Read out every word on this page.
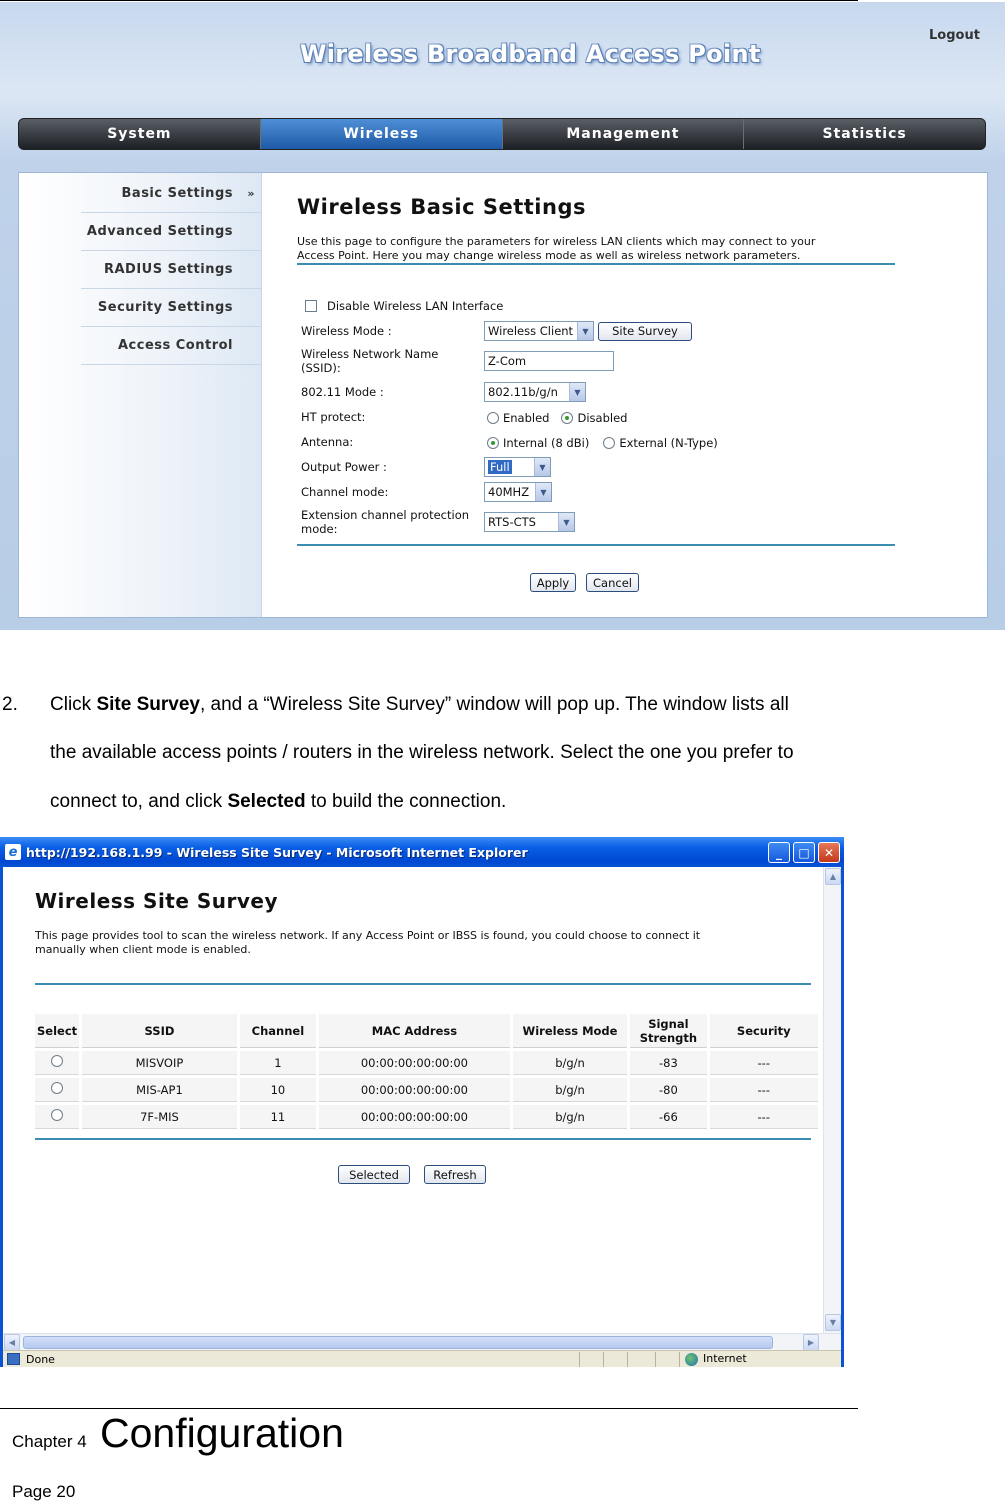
Wireless Broadband Access Point
Logout
System	Wireless	Management	Statistics
Basic Settings »
Advanced Settings
RADIUS Settings
Security Settings
Access Control
Wireless Basic Settings
Use this page to configure the parameters for wireless LAN clients which may connect to your
Access Point. Here you may change wireless mode as well as wireless network parameters.
Disable Wireless LAN Interface
Wireless Mode :	Wireless Client	▼	Site Survey
Wireless Network Name
(SSID):	Z-Com
802.11 Mode :	802.11b/g/n	▼
HT protect:	Enabled Disabled
Antenna:	Internal (8 dBi)	External (N-Type)
Output Power :	Full	▼
Channel mode:	40MHZ	▼
Extension channel protection
mode:	RTS-CTS	▼
Apply	Cancel
2. Click Site Survey, and a “Wireless Site Survey” window will pop up. The window lists all
the available access points / routers in the wireless network. Select the one you prefer to
connect to, and click Selected to build the connection.
e http://192.168.1.99 - Wireless Site Survey - Microsoft Internet Explorer	_	□	✕
Wireless Site Survey
This page provides tool to scan the wireless network. If any Access Point or IBSS is found, you could choose to connect it
manually when client mode is enabled.
Select	SSID	Channel	MAC Address	Wireless Mode	Signal
Strength	Security
	MISVOIP	1	00:00:00:00:00:00	b/g/n	-83	---
	MIS-AP1	10	00:00:00:00:00:00	b/g/n	-80	---
	7F-MIS	11	00:00:00:00:00:00	b/g/n	-66	---
Selected	Refresh
▲
▼
◀	▶
Done	Internet
Chapter 4 Configuration
Page 20
